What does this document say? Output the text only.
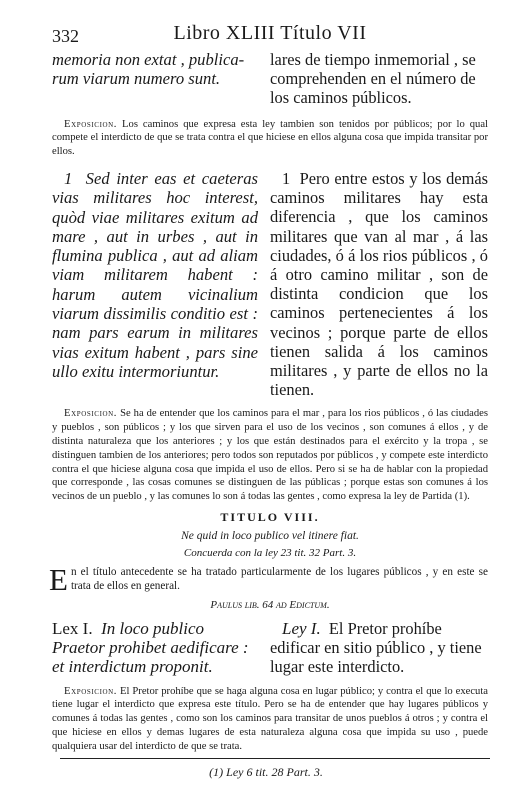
332	Libro XLIII Título VII
memoria non extat , publica-
rum viarum numero sunt.
lares de tiempo inmemorial , se
comprehenden en el número de
los caminos públicos.

Exposicion. Los caminos que expresa esta ley tambien son tenidos por públicos; por lo qual compete el interdicto de que se trata contra el que hiciese en ellos alguna cosa que impida transitar por ellos.

1 Sed inter eas et caeteras vias militares hoc interest, quòd viae militares exitum ad mare , aut in urbes , aut in flumina publica , aut ad aliam viam militarem habent : harum autem vicinalium viarum dissimilis conditio est : nam pars earum in militares vias exitum habent , pars sine ullo exitu intermoriuntur.
1 Pero entre estos y los demás caminos militares hay esta diferencia , que los caminos militares que van al mar , á las ciudades, ó á los rios públicos , ó á otro camino militar , son de distinta condicion que los caminos pertenecientes á los vecinos ; porque parte de ellos tienen salida á los caminos militares , y parte de ellos no la tienen.

Exposicion. Se ha de entender que los caminos para el mar , para los rios públicos , ó las ciudades y pueblos , son públicos ; y los que sirven para el uso de los vecinos , son comunes á ellos , y de distinta naturaleza que los anteriores ; y los que están destinados para el exército y la tropa , se distinguen tambien de los anteriores; pero todos son reputados por públicos , y compete este interdicto contra el que hiciese alguna cosa que impida el uso de ellos. Pero si se ha de hablar con la propiedad que corresponde , las cosas comunes se distinguen de las públicas ; porque estas son comunes á los vecinos de un pueblo , y las comunes lo son á todas las gentes , como expresa la ley de Partida (1).

TITULO VIII.
Ne quid in loco publico vel itinere fiat.
Concuerda con la ley 23 tit. 32 Part. 3.

En el título antecedente se ha tratado particularmente de los lugares públicos , y en este se trata de ellos en general.

Paulus lib. 64 ad Edictum.
Lex I. In loco publico Praetor prohibet aedificare : et interdictum proponit.
Ley I. El Pretor prohíbe edificar en sitio público , y tiene lugar este interdicto.

Exposicion. El Pretor prohíbe que se haga alguna cosa en lugar público; y contra el que lo executa tiene lugar el interdicto que expresa este título. Pero se ha de entender que hay lugares públicos y comunes á todas las gentes , como son los caminos para transitar de unos pueblos á otros ; y contra el que hiciese en ellos y demas lugares de esta naturaleza alguna cosa que impida su uso , puede qualquiera usar del interdicto de que se trata.

(1) Ley 6 tit. 28 Part. 3.
